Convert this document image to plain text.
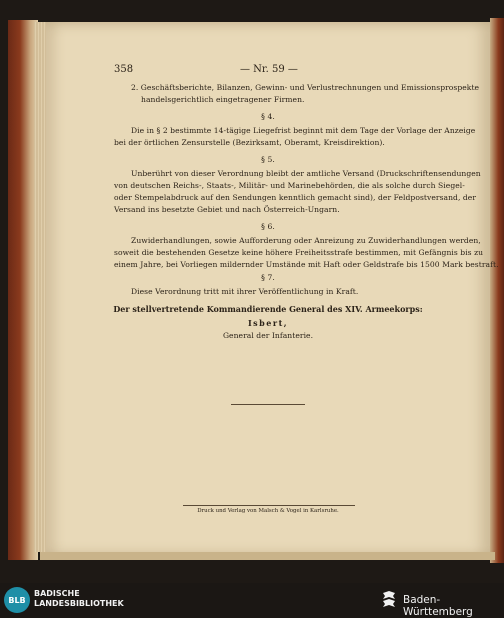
358	— Nr. 59 —
2. Geschäftsberichte, Bilanzen, Gewinn- und Verlustrechnungen und Emissionsprospekte
handelsgerichtlich eingetragener Firmen.
§ 4.
Die in § 2 bestimmte 14-tägige Liegefrist beginnt mit dem Tage der Vorlage der Anzeige
bei der örtlichen Zensurstelle (Bezirksamt, Oberamt, Kreisdirektion).
§ 5.
Unberührt von dieser Verordnung bleibt der amtliche Versand (Druckschriftensendungen
von deutschen Reichs-, Staats-, Militär- und Marinebehörden, die als solche durch Siegel-
oder Stempelabdruck auf den Sendungen kenntlich gemacht sind), der Feldpostversand, der
Versand ins besetzte Gebiet und nach Österreich-Ungarn.
§ 6.
Zuwiderhandlungen, sowie Aufforderung oder Anreizung zu Zuwiderhandlungen werden,
soweit die bestehenden Gesetze keine höhere Freiheitsstrafe bestimmen, mit Gefängnis bis zu
einem Jahre, bei Vorliegen mildernder Umstände mit Haft oder Geldstrafe bis 1500 Mark bestraft.
§ 7.
Diese Verordnung tritt mit ihrer Veröffentlichung in Kraft.
Der stellvertretende Kommandierende General des XIV. Armeekorps:
Isbert,
General der Infanterie.
Druck und Verlag von Malsch & Vogel in Karlsruhe.
BLB
BADISCHE
LANDESBIBLIOTHEK	Baden-Württemberg
